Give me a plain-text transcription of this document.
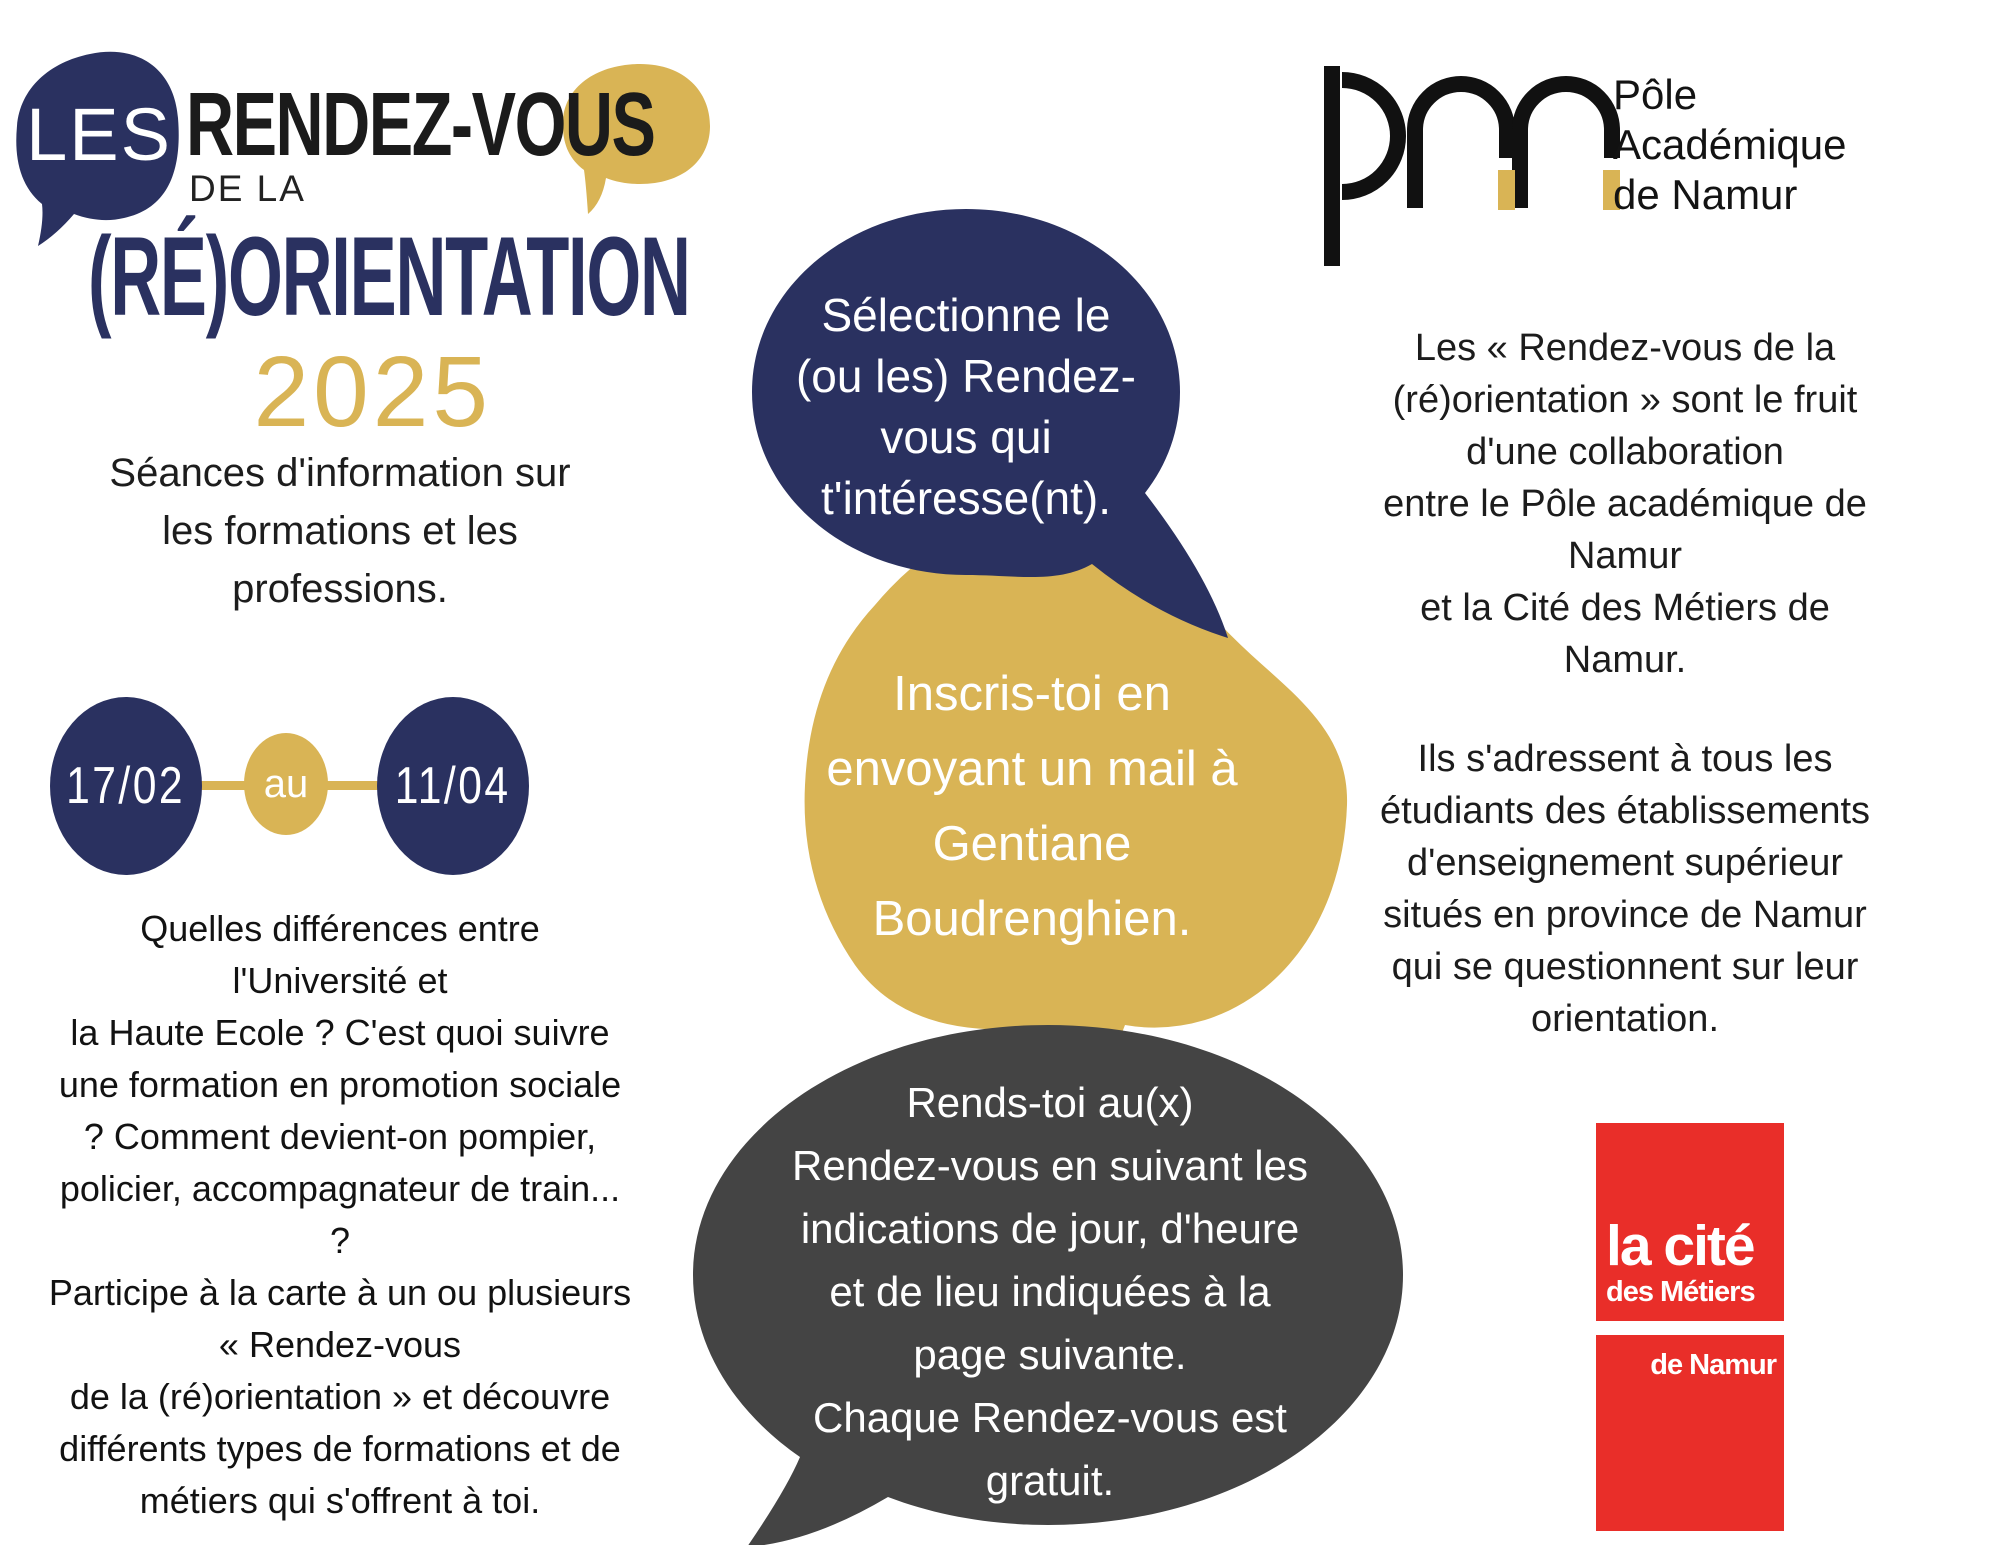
LES RENDEZ-VOUS
DE LA
(RÉ)ORIENTATION
2025
Séances d'information sur
les formations et les
professions.
17/02 au 11/04
Quelles différences entre
l'Université et
la Haute Ecole ? C'est quoi suivre
une formation en promotion sociale
? Comment devient-on pompier,
policier, accompagnateur de train...
?
Participe à la carte à un ou plusieurs
« Rendez-vous
de la (ré)orientation » et découvre
différents types de formations et de
métiers qui s'offrent à toi.
Sélectionne le
(ou les) Rendez-
vous qui
t'intéresse(nt).
Inscris-toi en
envoyant un mail à
Gentiane
Boudrenghien.
Rends-toi au(x)
Rendez-vous en suivant les
indications de jour, d'heure
et de lieu indiquées à la
page suivante.
Chaque Rendez-vous est
gratuit.
Pôle
Académique
de Namur
Les « Rendez-vous de la
(ré)orientation » sont le fruit
d'une collaboration
entre le Pôle académique de
Namur
et la Cité des Métiers de
Namur.
Ils s'adressent à tous les
étudiants des établissements
d'enseignement supérieur
situés en province de Namur
qui se questionnent sur leur
orientation.
la cité
des Métiers
de Namur
